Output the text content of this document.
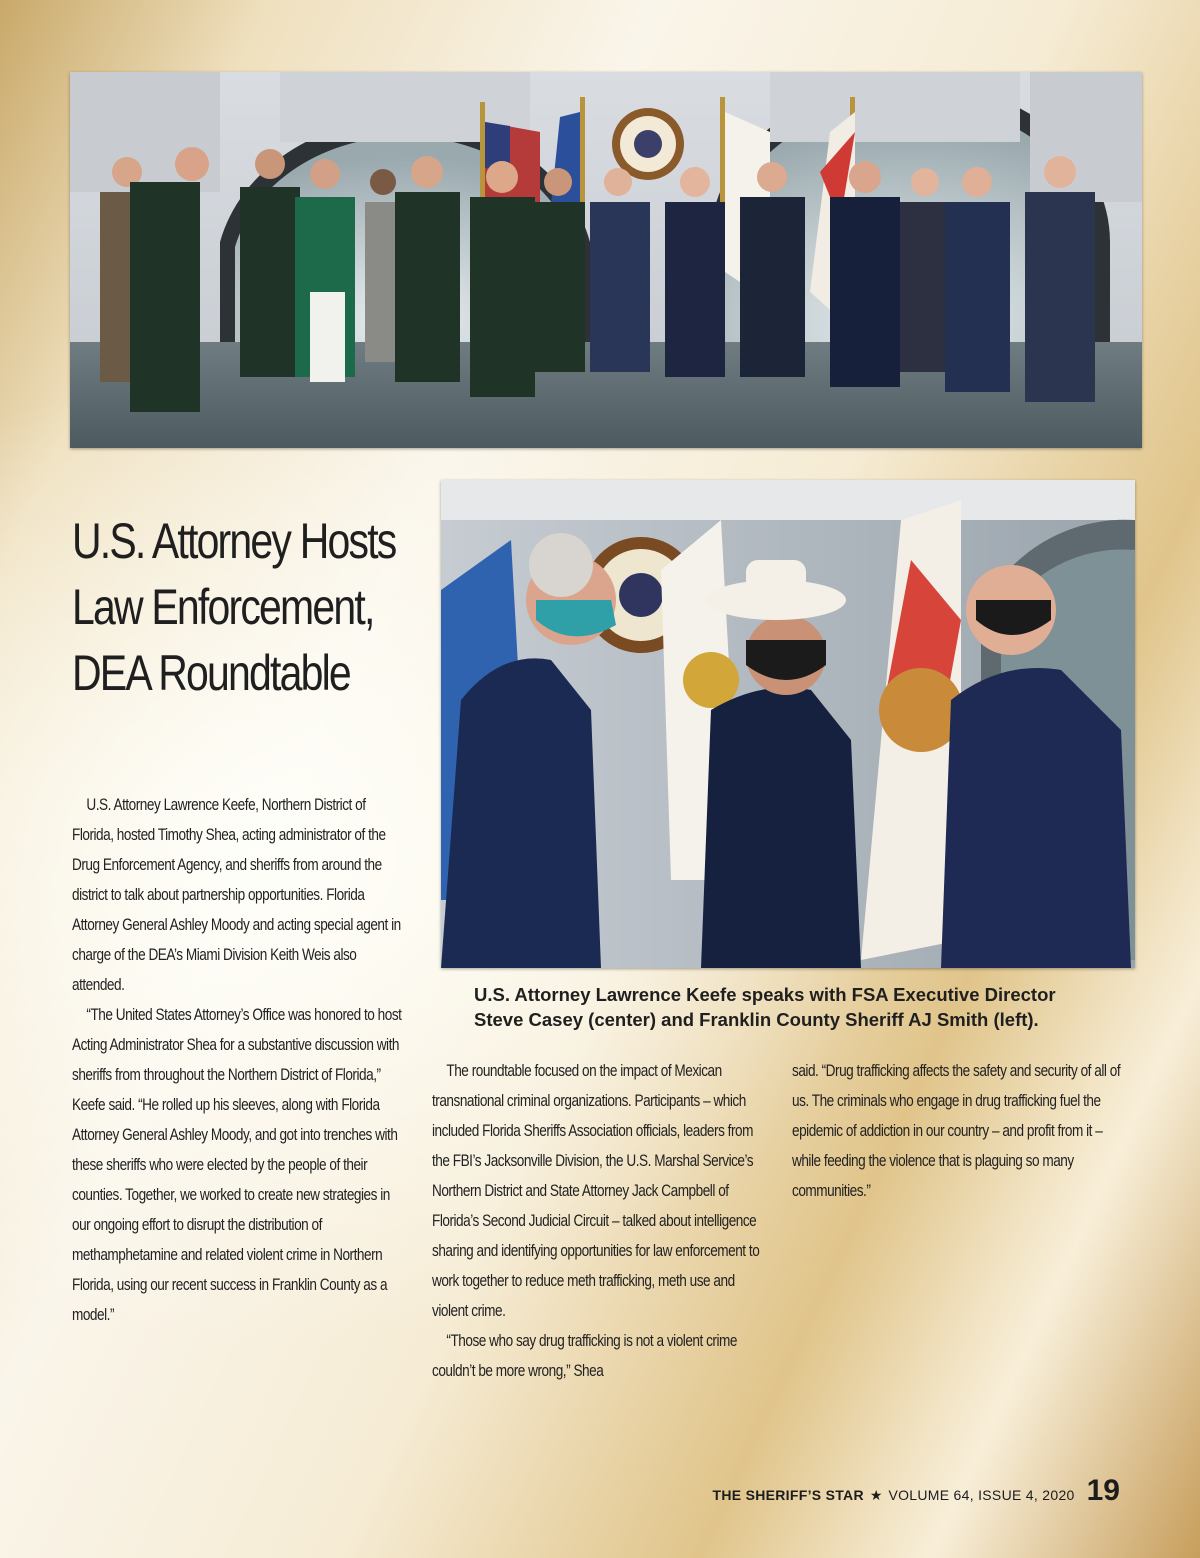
U.S. Attorney Hosts Law Enforcement, DEA Roundtable
U.S. Attorney Lawrence Keefe speaks with FSA Executive Director
Steve Casey (center) and Franklin County Sheriff AJ Smith (left).

U.S. Attorney Lawrence Keefe, Northern District of Florida, hosted Timothy Shea, acting administrator of the Drug Enforcement Agency, and sheriffs from around the district to talk about partnership opportunities. Florida Attorney General Ashley Moody and acting special agent in charge of the DEA’s Miami Division Keith Weis also attended.

“The United States Attorney’s Office was honored to host Acting Administrator Shea for a substantive discussion with sheriffs from throughout the Northern District of Florida,” Keefe said. “He rolled up his sleeves, along with Florida Attorney General Ashley Moody, and got into trenches with these sheriffs who were elected by the people of their counties. Together, we worked to create new strategies in our ongoing effort to disrupt the distribution of methamphetamine and related violent crime in Northern Florida, using our recent success in Franklin County as a model.”

The roundtable focused on the impact of Mexican transnational criminal organizations. Participants – which included Florida Sheriffs Association officials, leaders from the FBI’s Jacksonville Division, the U.S. Marshal Service’s Northern District and State Attorney Jack Campbell of Florida’s Second Judicial Circuit – talked about intelligence sharing and identifying opportunities for law enforcement to work together to reduce meth trafficking, meth use and violent crime.

“Those who say drug trafficking is not a violent crime couldn’t be more wrong,” Shea

said. “Drug trafficking affects the safety and security of all of us. The criminals who engage in drug trafficking fuel the epidemic of addiction in our country – and profit from it – while feeding the violence that is plaguing so many communities.”

THE SHERIFF’S STAR ★ VOLUME 64, ISSUE 4, 2020 19
